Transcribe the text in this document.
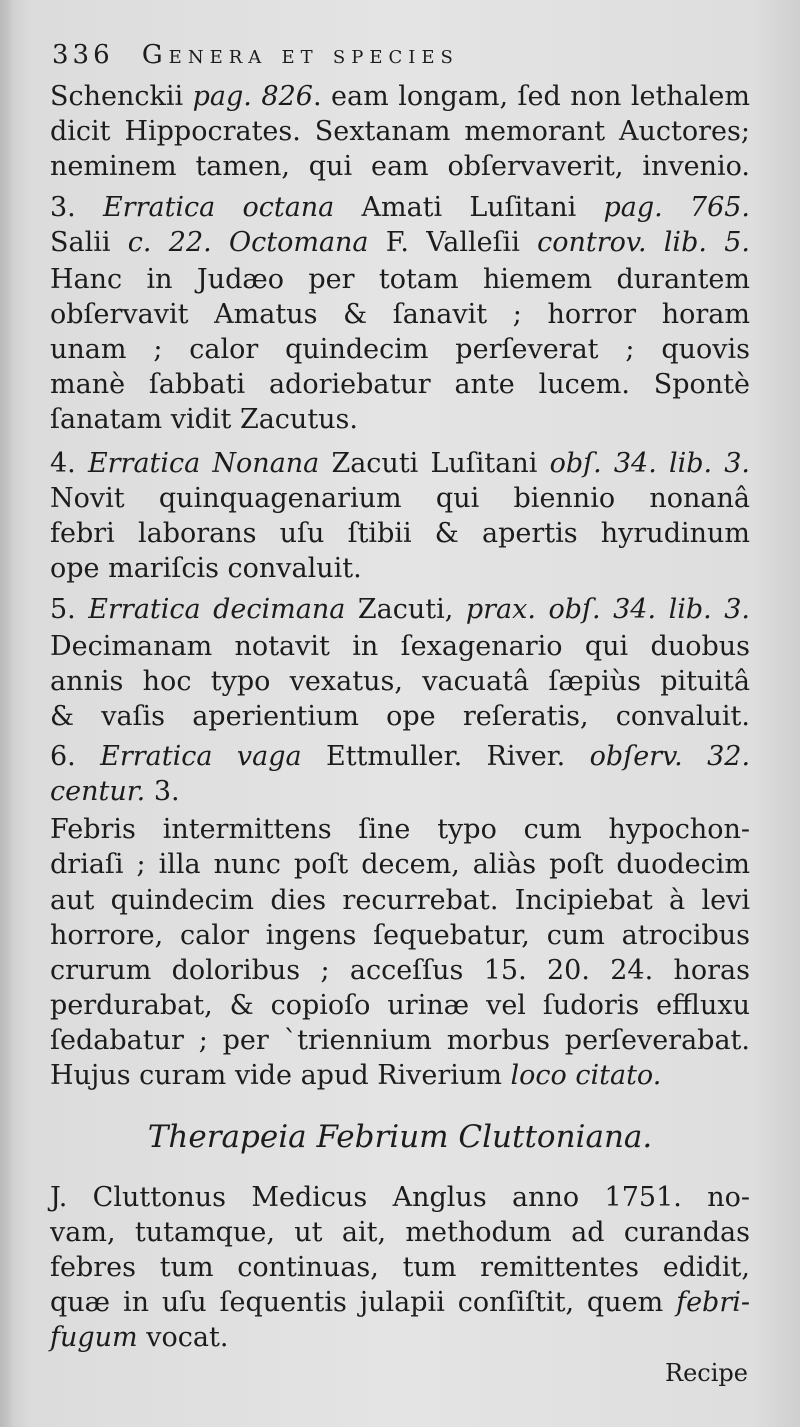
336 Genera et species
Schenckii pag. 826. eam longam, ſed non lethalem
dicit Hippocrates. Sextanam memorant Auctores;
neminem tamen, qui eam obſervaverit, invenio.
3. Erratica octana Amati Luſitani pag. 765.
Salii c. 22. Octomana F. Valleſii controv. lib. 5.
Hanc in Judæo per totam hiemem durantem
obſervavit Amatus & ſanavit ; horror horam
unam ; calor quindecim perſeverat ; quovis
manè ſabbati adoriebatur ante lucem. Spontè
ſanatam vidit Zacutus.
4. Erratica Nonana Zacuti Luſitani obſ. 34. lib. 3.
Novit quinquagenarium qui biennio nonanâ
febri laborans uſu ſtibii & apertis hyrudinum
ope mariſcis convaluit.
5. Erratica decimana Zacuti, prax. obſ. 34. lib. 3.
Decimanam notavit in ſexagenario qui duobus
annis hoc typo vexatus, vacuatâ ſæpiùs pituitâ
& vaſis aperientium ope reſeratis, convaluit.
6. Erratica vaga Ettmuller. River. obſerv. 32.
centur. 3.
Febris intermittens ſine typo cum hypochon-
driaſi ; illa nunc poſt decem, aliàs poſt duodecim
aut quindecim dies recurrebat. Incipiebat à levi
horrore, calor ingens ſequebatur, cum atrocibus
crurum doloribus ; acceſſus 15. 20. 24. horas
perdurabat, & copioſo urinæ vel ſudoris effluxu
ſedabatur ; per `triennium morbus perſeverabat.
Hujus curam vide apud Riverium loco citato.
Therapeia Febrium Cluttoniana.
J. Cluttonus Medicus Anglus anno 1751. no-
vam, tutamque, ut ait, methodum ad curandas
febres tum continuas, tum remittentes edidit,
quæ in uſu ſequentis julapii conſiſtit, quem febri-
fugum vocat.
Recipe
